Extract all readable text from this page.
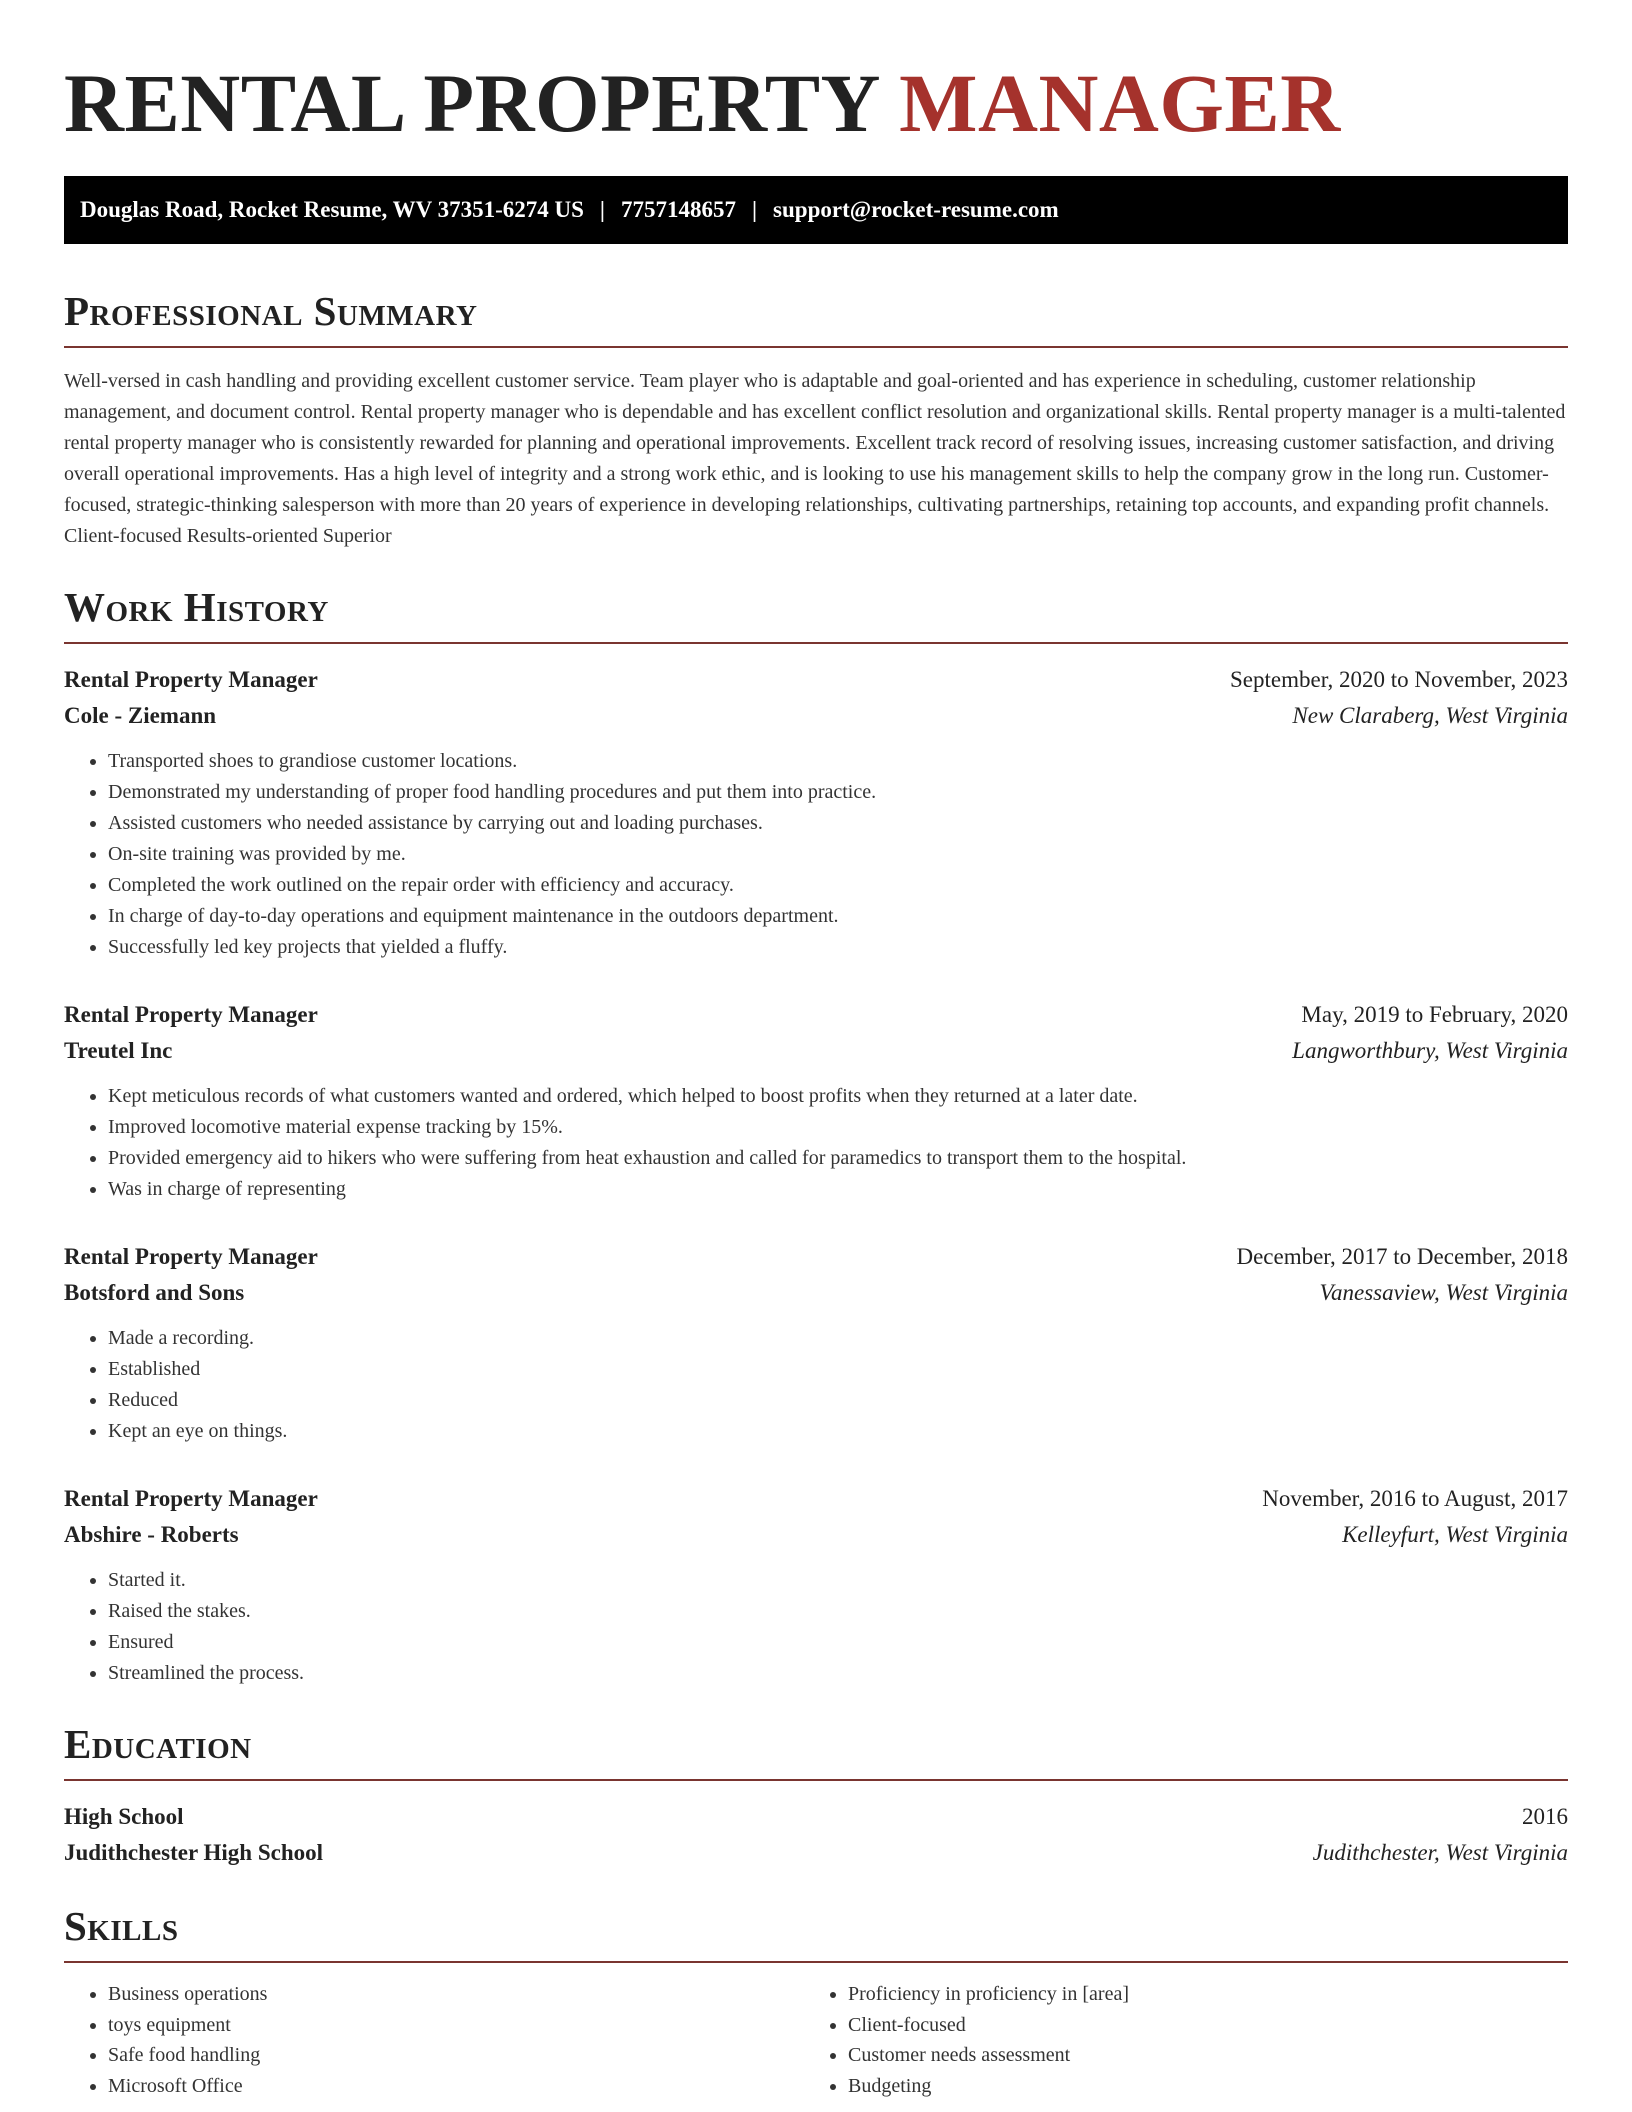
RENTAL PROPERTY MANAGER
Douglas Road, Rocket Resume, WV 37351-6274 US | 7757148657 | support@rocket-resume.com
Professional Summary

Well-versed in cash handling and providing excellent customer service. Team player who is adaptable and goal-oriented and has experience in scheduling, customer relationship management, and document control. Rental property manager who is dependable and has excellent conflict resolution and organizational skills. Rental property manager is a multi-talented rental property manager who is consistently rewarded for planning and operational improvements. Excellent track record of resolving issues, increasing customer satisfaction, and driving overall operational improvements. Has a high level of integrity and a strong work ethic, and is looking to use his management skills to help the company grow in the long run. Customer-focused, strategic-thinking salesperson with more than 20 years of experience in developing relationships, cultivating partnerships, retaining top accounts, and expanding profit channels. Client-focused Results-oriented Superior

Work History
Rental Property Manager	September, 2020 to November, 2023
Cole - Ziemann	New Claraberg, West Virginia
• Transported shoes to grandiose customer locations.
• Demonstrated my understanding of proper food handling procedures and put them into practice.
• Assisted customers who needed assistance by carrying out and loading purchases.
• On-site training was provided by me.
• Completed the work outlined on the repair order with efficiency and accuracy.
• In charge of day-to-day operations and equipment maintenance in the outdoors department.
• Successfully led key projects that yielded a fluffy.
Rental Property Manager	May, 2019 to February, 2020
Treutel Inc	Langworthbury, West Virginia
• Kept meticulous records of what customers wanted and ordered, which helped to boost profits when they returned at a later date.
• Improved locomotive material expense tracking by 15%.
• Provided emergency aid to hikers who were suffering from heat exhaustion and called for paramedics to transport them to the hospital.
• Was in charge of representing
Rental Property Manager	December, 2017 to December, 2018
Botsford and Sons	Vanessaview, West Virginia
• Made a recording.
• Established
• Reduced
• Kept an eye on things.
Rental Property Manager	November, 2016 to August, 2017
Abshire - Roberts	Kelleyfurt, West Virginia
• Started it.
• Raised the stakes.
• Ensured
• Streamlined the process.
Education
High School	2016
Judithchester High School	Judithchester, West Virginia
Skills
• Business operations
• toys equipment
• Safe food handling
• Microsoft Office
• Proficiency in proficiency in [area]
• Client-focused
• Customer needs assessment
• Budgeting
